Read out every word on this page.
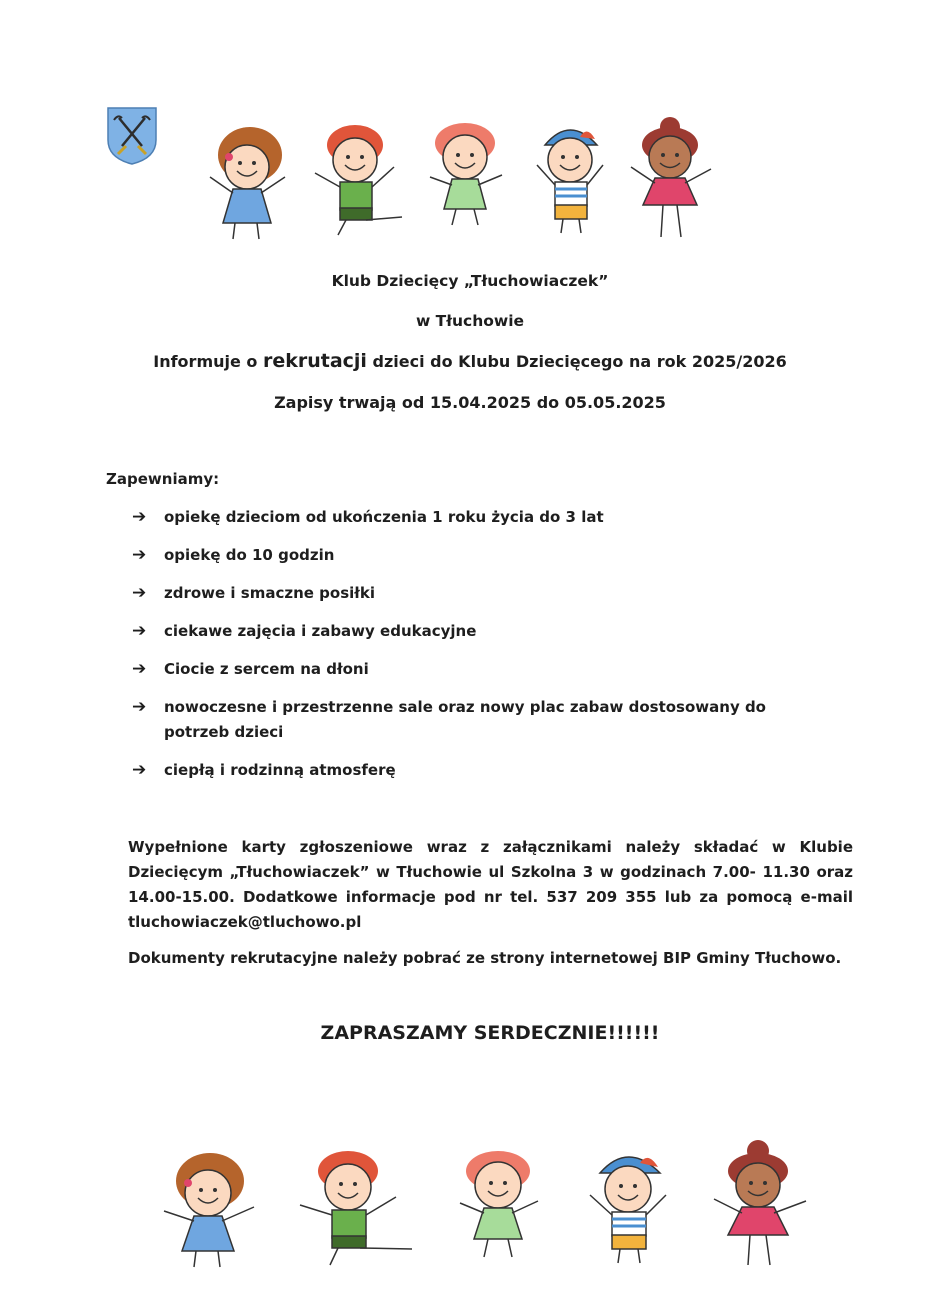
Klub Dziecięcy „Tłuchowiaczek”
w Tłuchowie
Informuje o rekrutacji dzieci do Klubu Dziecięcego na rok 2025/2026
Zapisy trwają od 15.04.2025 do 05.05.2025
Zapewniamy:
➔ opiekę dzieciom od ukończenia 1 roku życia do 3 lat
➔ opiekę do 10 godzin
➔ zdrowe i smaczne posiłki
➔ ciekawe zajęcia i zabawy edukacyjne
➔ Ciocie z sercem na dłoni
➔ nowoczesne i przestrzenne sale oraz nowy plac zabaw dostosowany do potrzeb dzieci
➔ ciepłą i rodzinną atmosferę
Wypełnione karty zgłoszeniowe wraz z załącznikami należy składać w Klubie Dziecięcym „Tłuchowiaczek” w Tłuchowie ul Szkolna 3 w godzinach 7.00- 11.30 oraz 14.00-15.00. Dodatkowe informacje pod nr tel. 537 209 355 lub za pomocą e-mail tluchowiaczek@tluchowo.pl
Dokumenty rekrutacyjne należy pobrać ze strony internetowej BIP Gminy Tłuchowo.
ZAPRASZAMY SERDECZNIE!!!!!!
